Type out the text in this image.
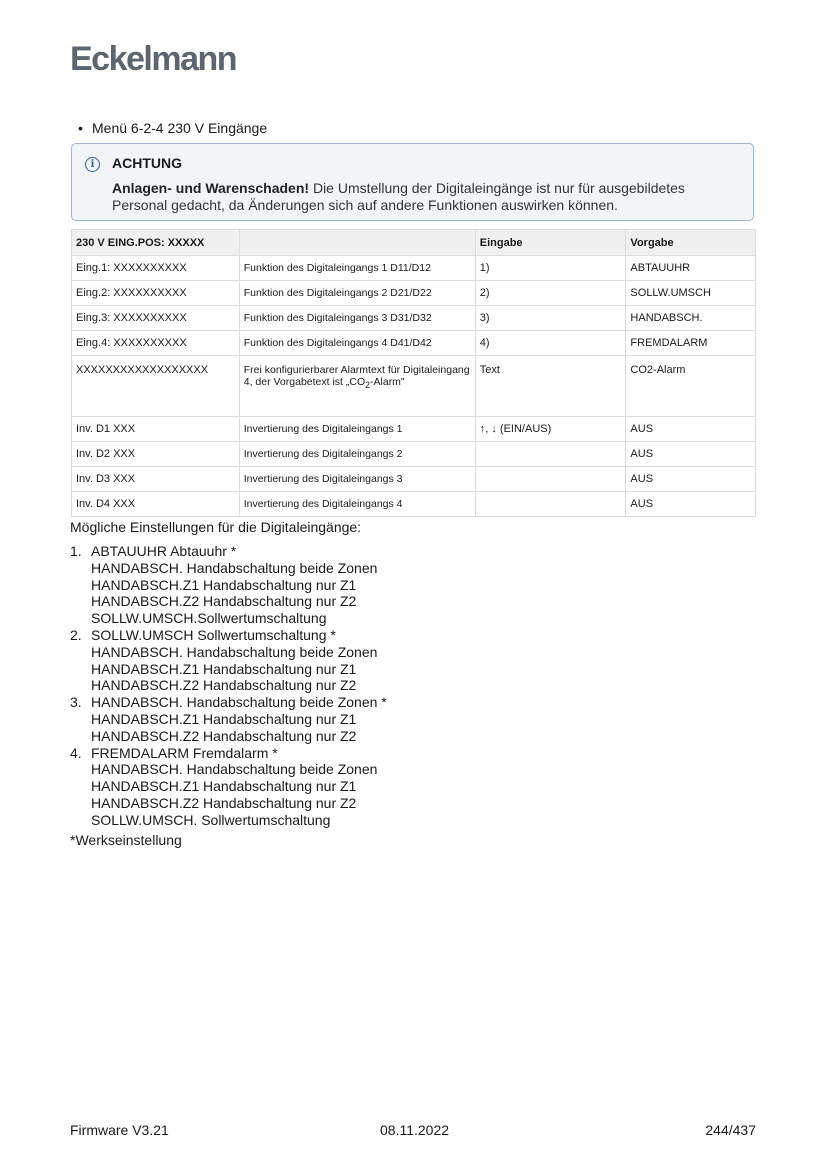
Eckelmann
• Menü 6-2-4 230 V Eingänge
i	ACHTUNG
Anlagen- und Warenschaden! Die Umstellung der Digitaleingänge ist nur für ausgebildetes Personal gedacht, da Änderungen sich auf andere Funktionen auswirken können.
230 V EING.POS: XXXXX		Eingabe	Vorgabe
Eing.1: XXXXXXXXXX	Funktion des Digitaleingangs 1 D11/D12	1)	ABTAUUHR
Eing.2: XXXXXXXXXX	Funktion des Digitaleingangs 2 D21/D22	2)	SOLLW.UMSCH
Eing.3: XXXXXXXXXX	Funktion des Digitaleingangs 3 D31/D32	3)	HANDABSCH.
Eing.4: XXXXXXXXXX	Funktion des Digitaleingangs 4 D41/D42	4)	FREMDALARM
XXXXXXXXXXXXXXXXXX	Frei konfigurierbarer Alarmtext für Digitaleingang 4, der Vorgabetext ist $„CO_2$-Alarm"	Text	CO2-Alarm
Inv. D1 XXX	Invertierung des Digitaleingangs 1	↑, ↓ (EIN/AUS)	AUS
Inv. D2 XXX	Invertierung des Digitaleingangs 2		AUS
Inv. D3 XXX	Invertierung des Digitaleingangs 3		AUS
Inv. D4 XXX	Invertierung des Digitaleingangs 4		AUS
Mögliche Einstellungen für die Digitaleingänge:
1. ABTAUUHR Abtauuhr *
HANDABSCH. Handabschaltung beide Zonen
HANDABSCH.Z1 Handabschaltung nur Z1
HANDABSCH.Z2 Handabschaltung nur Z2
SOLLW.UMSCH.Sollwertumschaltung
2. SOLLW.UMSCH Sollwertumschaltung *
HANDABSCH. Handabschaltung beide Zonen
HANDABSCH.Z1 Handabschaltung nur Z1
HANDABSCH.Z2 Handabschaltung nur Z2
3. HANDABSCH. Handabschaltung beide Zonen *
HANDABSCH.Z1 Handabschaltung nur Z1
HANDABSCH.Z2 Handabschaltung nur Z2
4. FREMDALARM Fremdalarm *
HANDABSCH. Handabschaltung beide Zonen
HANDABSCH.Z1 Handabschaltung nur Z1
HANDABSCH.Z2 Handabschaltung nur Z2
SOLLW.UMSCH. Sollwertumschaltung
*Werkseinstellung
Firmware V3.21	08.11.2022	244/437
